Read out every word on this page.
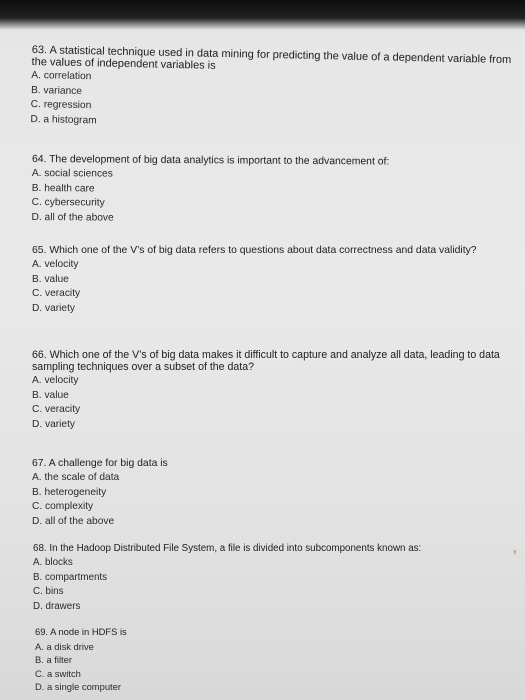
63. A statistical technique used in data mining for predicting the value of a dependent variable from the values of independent variables is
A. correlation
B. variance
C. regression
D. a histogram
64. The development of big data analytics is important to the advancement of:
A. social sciences
B. health care
C. cybersecurity
D. all of the above
65. Which one of the V’s of big data refers to questions about data correctness and data validity?
A. velocity
B. value
C. veracity
D. variety
66. Which one of the V’s of big data makes it difficult to capture and analyze all data, leading to data sampling techniques over a subset of the data?
A. velocity
B. value
C. veracity
D. variety
67. A challenge for big data is
A. the scale of data
B. heterogeneity
C. complexity
D. all of the above
68. In the Hadoop Distributed File System, a file is divided into subcomponents known as:
A. blocks
B. compartments
C. bins
D. drawers
69. A node in HDFS is
A. a disk drive
B. a filter
C. a switch
D. a single computer
❜
